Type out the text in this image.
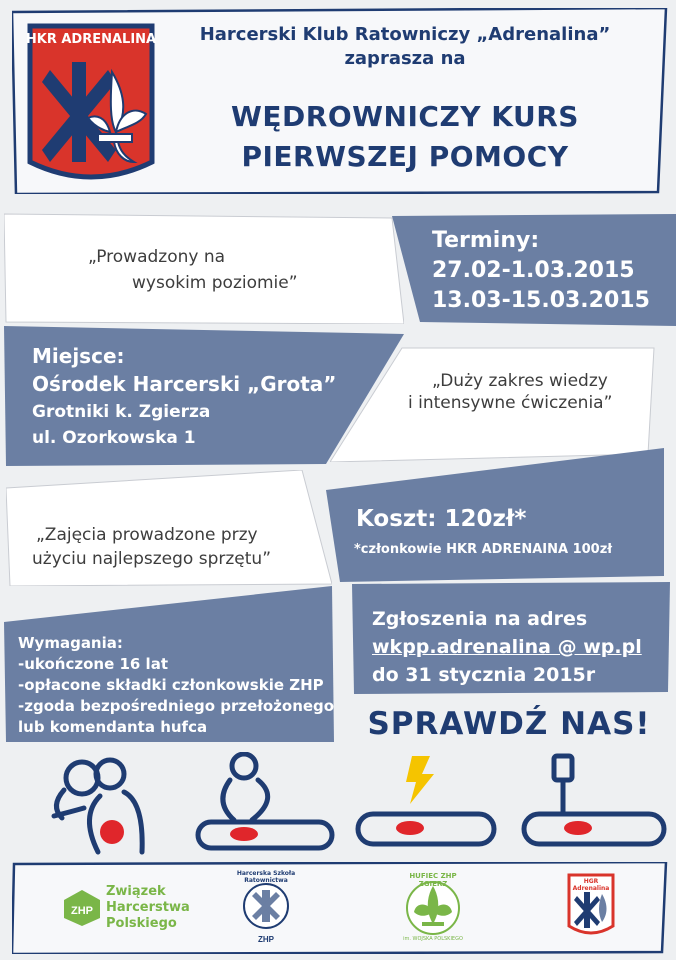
HKR ADRENALINA	Harcerski Klub Ratowniczy „Adrenalina”
zaprasza na
WĘDROWNICZY KURS
PIERWSZEJ POMOCY
„Prowadzony na
wysokim poziomie”
Terminy:
27.02-1.03.2015
13.03-15.03.2015
Miejsce:
Ośrodek Harcerski „Grota”
Grotniki k. Zgierza
ul. Ozorkowska 1
„Duży zakres wiedzy
i intensywne ćwiczenia”
„Zajęcia prowadzone przy
użyciu najlepszego sprzętu”
Koszt: 120zł*
*członkowie HKR ADRENAINA 100zł
Wymagania:
-ukończone 16 lat
-opłacone składki członkowskie ZHP
-zgoda bezpośredniego przełożonego
lub komendanta hufca
Zgłoszenia na adres
wkpp.adrenalina @ wp.pl
do 31 stycznia 2015r
SPRAWDŹ NAS!
ZHP
Związek
Harcerstwa
Polskiego
ZHP
Harcerska Szkoła Ratownictwa
HUFIEC ZHP ZGIERZ
im. WOJSKA POLSKIEGO
HGR Adrenalina
